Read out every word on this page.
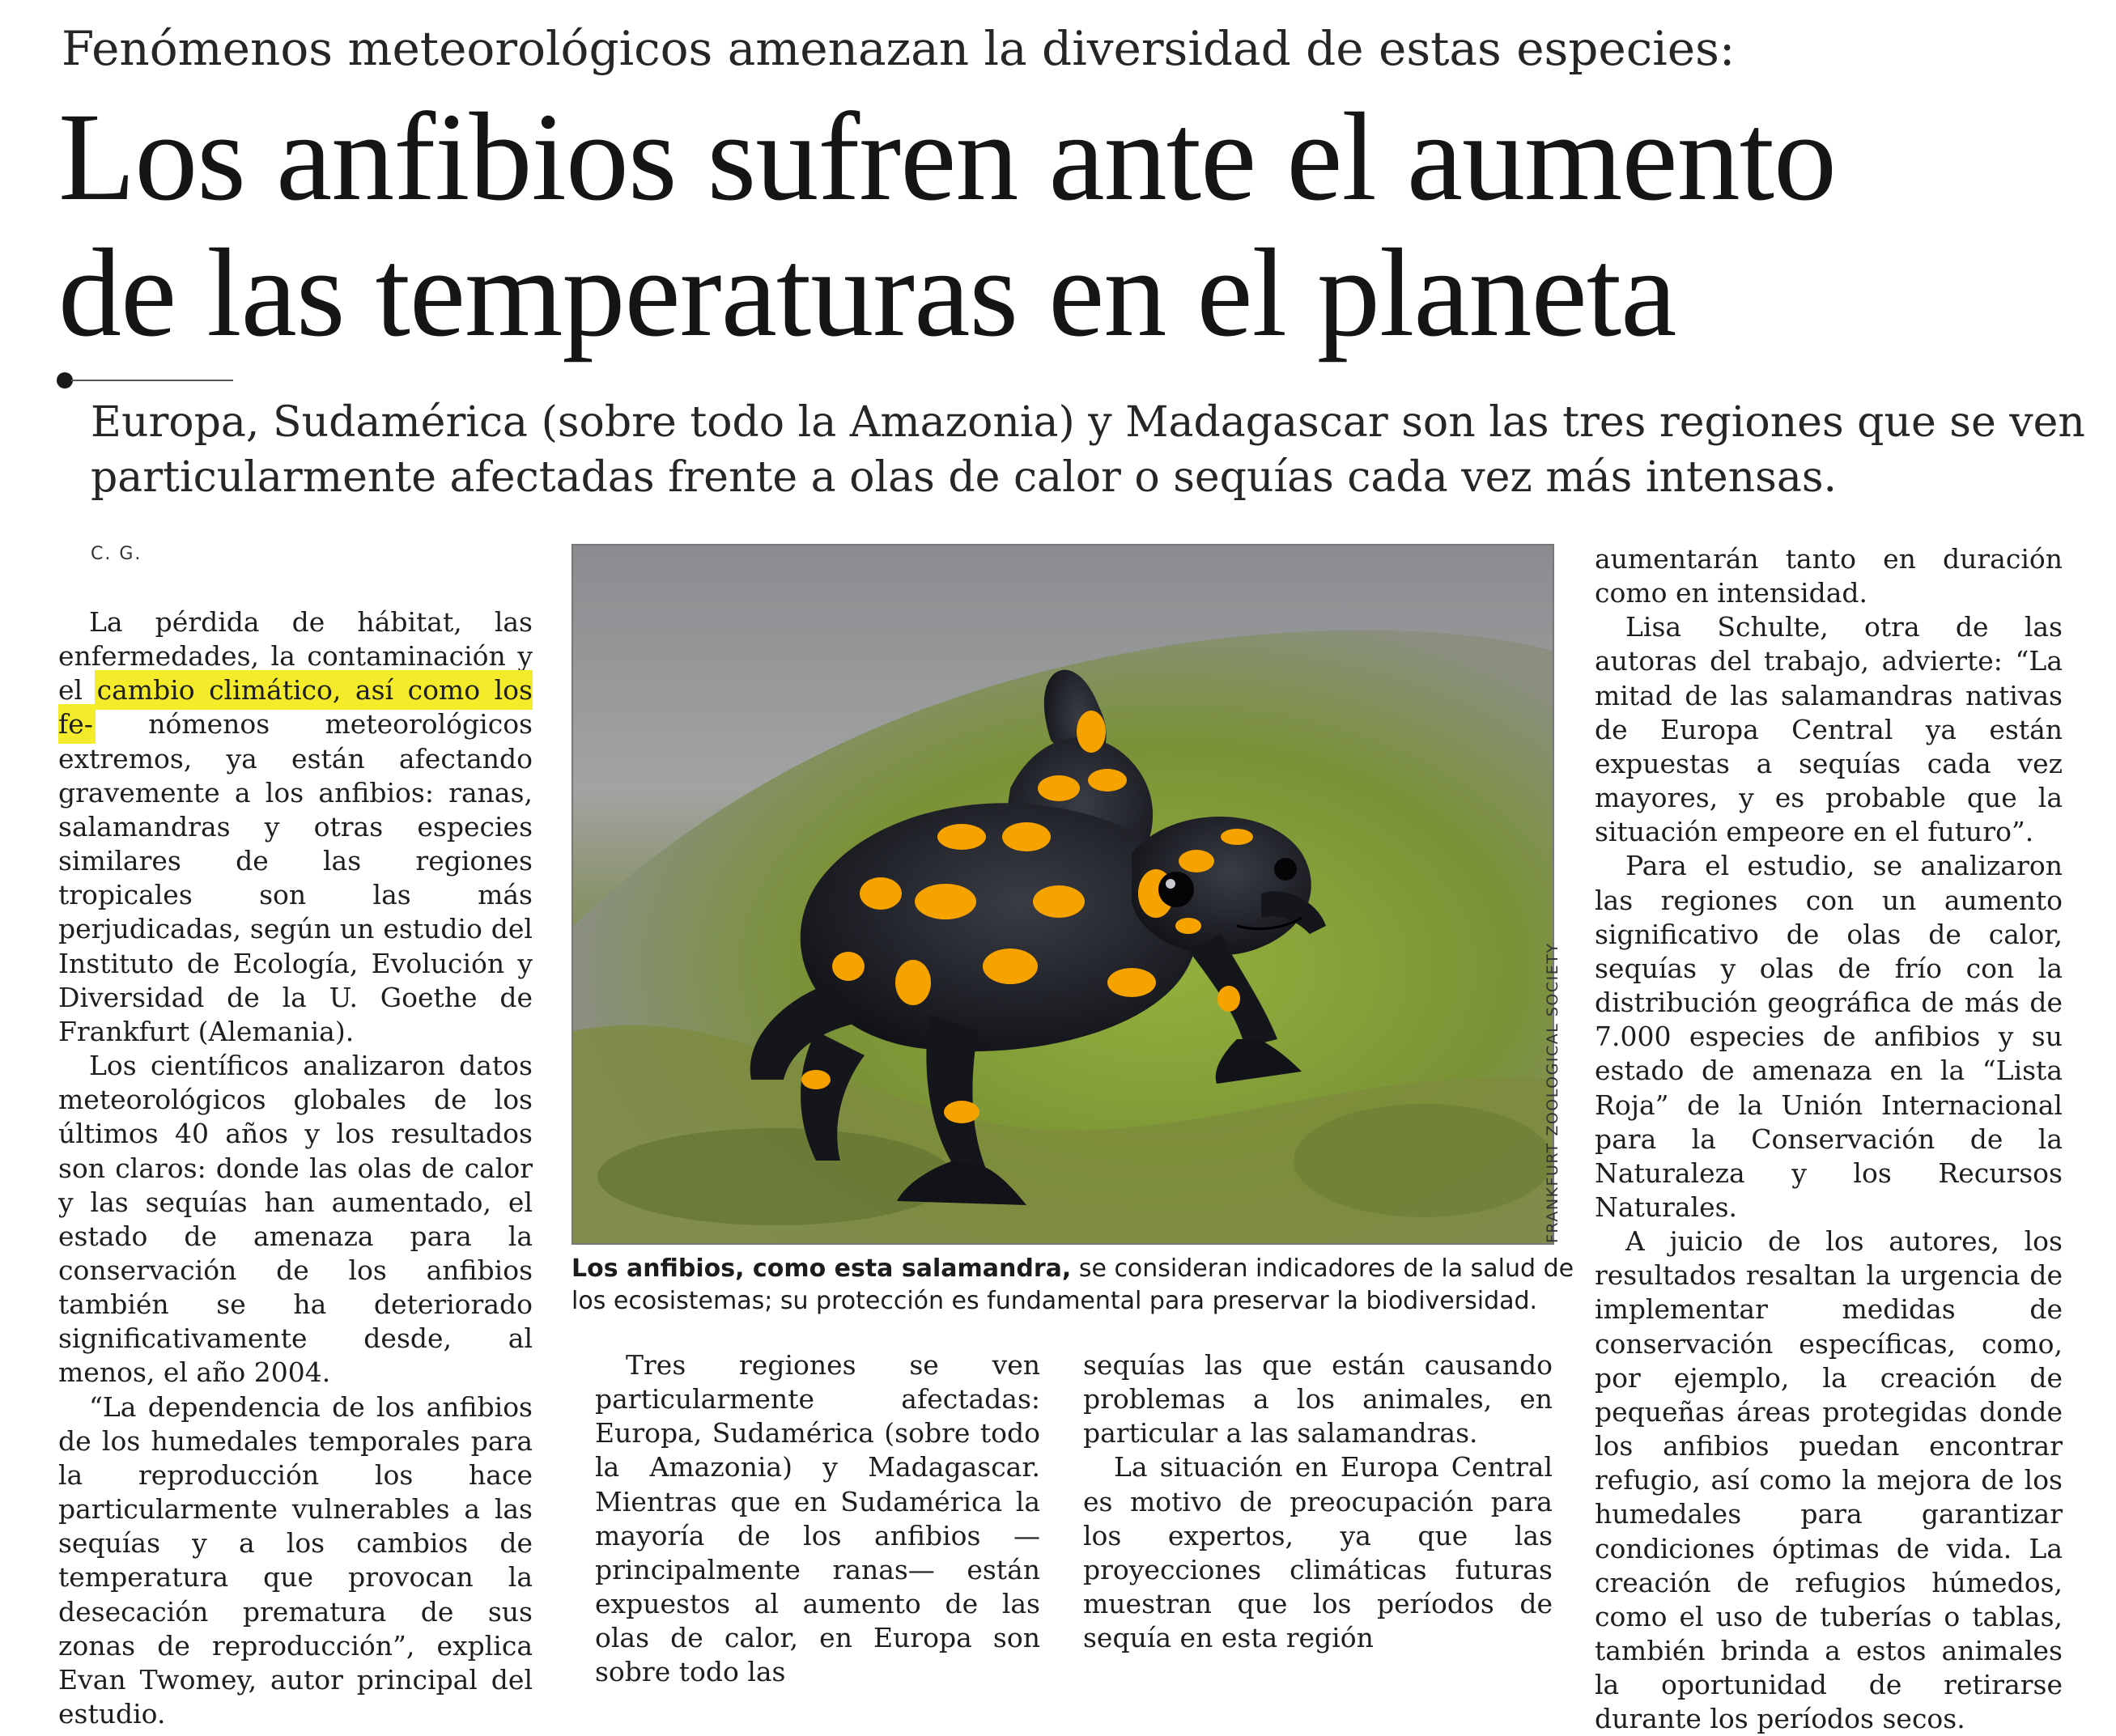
Fenómenos meteorológicos amenazan la diversidad de estas especies:
Los anfibios sufren ante el aumento
de las temperaturas en el planeta
Europa, Sudamérica (sobre todo la Amazonia) y Madagascar son las tres regiones que se ven
particularmente afectadas frente a olas de calor o sequías cada vez más intensas.
C. G.

La pérdida de hábitat, las enfermedades, la contaminación y el cambio climático, así como los fe- nómenos meteorológicos extremos, ya están afectando gravemente a los anfibios: ranas, salamandras y otras especies similares de las regiones tropicales son las más perjudicadas, según un estudio del Instituto de Ecología, Evolución y Diversidad de la U. Goethe de Frankfurt (Alemania).

Los científicos analizaron datos meteorológicos globales de los últimos 40 años y los resultados son claros: donde las olas de calor y las sequías han aumentado, el estado de amenaza para la conservación de los anfibios también se ha deteriorado significativamente desde, al menos, el año 2004.

“La dependencia de los anfibios de los humedales temporales para la reproducción los hace particularmente vulnerables a las sequías y a los cambios de temperatura que provocan la desecación prematura de sus zonas de reproducción”, explica Evan Twomey, autor principal del estudio.

FRANKFURT ZOOLOGICAL SOCIETY
Los anfibios, como esta salamandra, se consideran indicadores de la salud de
los ecosistemas; su protección es fundamental para preservar la biodiversidad.

Tres regiones se ven particularmente afectadas: Europa, Sudamérica (sobre todo la Amazonia) y Madagascar. Mientras que en Sudamérica la mayoría de los anfibios —principalmente ranas— están expuestos al aumento de las olas de calor, en Europa son sobre todo las

sequías las que están causando problemas a los animales, en particular a las salamandras.

La situación en Europa Central es motivo de preocupación para los expertos, ya que las proyecciones climáticas futuras muestran que los períodos de sequía en esta región

aumentarán tanto en duración como en intensidad.

Lisa Schulte, otra de las autoras del trabajo, advierte: “La mitad de las salamandras nativas de Europa Central ya están expuestas a sequías cada vez mayores, y es probable que la situación empeore en el futuro”.

Para el estudio, se analizaron las regiones con un aumento significativo de olas de calor, sequías y olas de frío con la distribución geográfica de más de 7.000 especies de anfibios y su estado de amenaza en la “Lista Roja” de la Unión Internacional para la Conservación de la Naturaleza y los Recursos Naturales.

A juicio de los autores, los resultados resaltan la urgencia de implementar medidas de conservación específicas, como, por ejemplo, la creación de pequeñas áreas protegidas donde los anfibios puedan encontrar refugio, así como la mejora de los humedales para garantizar condiciones óptimas de vida. La creación de refugios húmedos, como el uso de tuberías o tablas, también brinda a estos animales la oportunidad de retirarse durante los períodos secos.
